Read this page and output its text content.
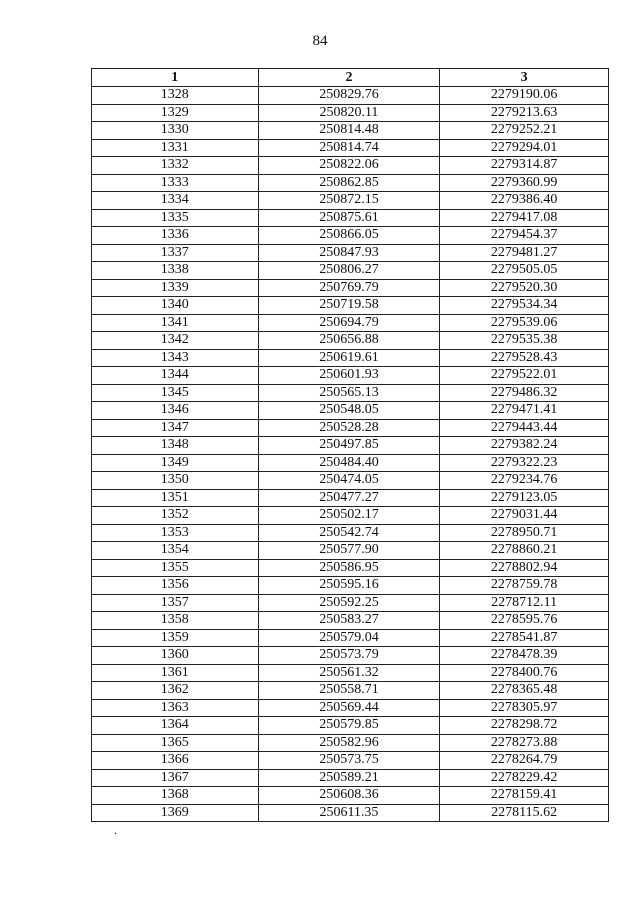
84
1	2	3
1328	250829.76	2279190.06
1329	250820.11	2279213.63
1330	250814.48	2279252.21
1331	250814.74	2279294.01
1332	250822.06	2279314.87
1333	250862.85	2279360.99
1334	250872.15	2279386.40
1335	250875.61	2279417.08
1336	250866.05	2279454.37
1337	250847.93	2279481.27
1338	250806.27	2279505.05
1339	250769.79	2279520.30
1340	250719.58	2279534.34
1341	250694.79	2279539.06
1342	250656.88	2279535.38
1343	250619.61	2279528.43
1344	250601.93	2279522.01
1345	250565.13	2279486.32
1346	250548.05	2279471.41
1347	250528.28	2279443.44
1348	250497.85	2279382.24
1349	250484.40	2279322.23
1350	250474.05	2279234.76
1351	250477.27	2279123.05
1352	250502.17	2279031.44
1353	250542.74	2278950.71
1354	250577.90	2278860.21
1355	250586.95	2278802.94
1356	250595.16	2278759.78
1357	250592.25	2278712.11
1358	250583.27	2278595.76
1359	250579.04	2278541.87
1360	250573.79	2278478.39
1361	250561.32	2278400.76
1362	250558.71	2278365.48
1363	250569.44	2278305.97
1364	250579.85	2278298.72
1365	250582.96	2278273.88
1366	250573.75	2278264.79
1367	250589.21	2278229.42
1368	250608.36	2278159.41
1369	250611.35	2278115.62
.
